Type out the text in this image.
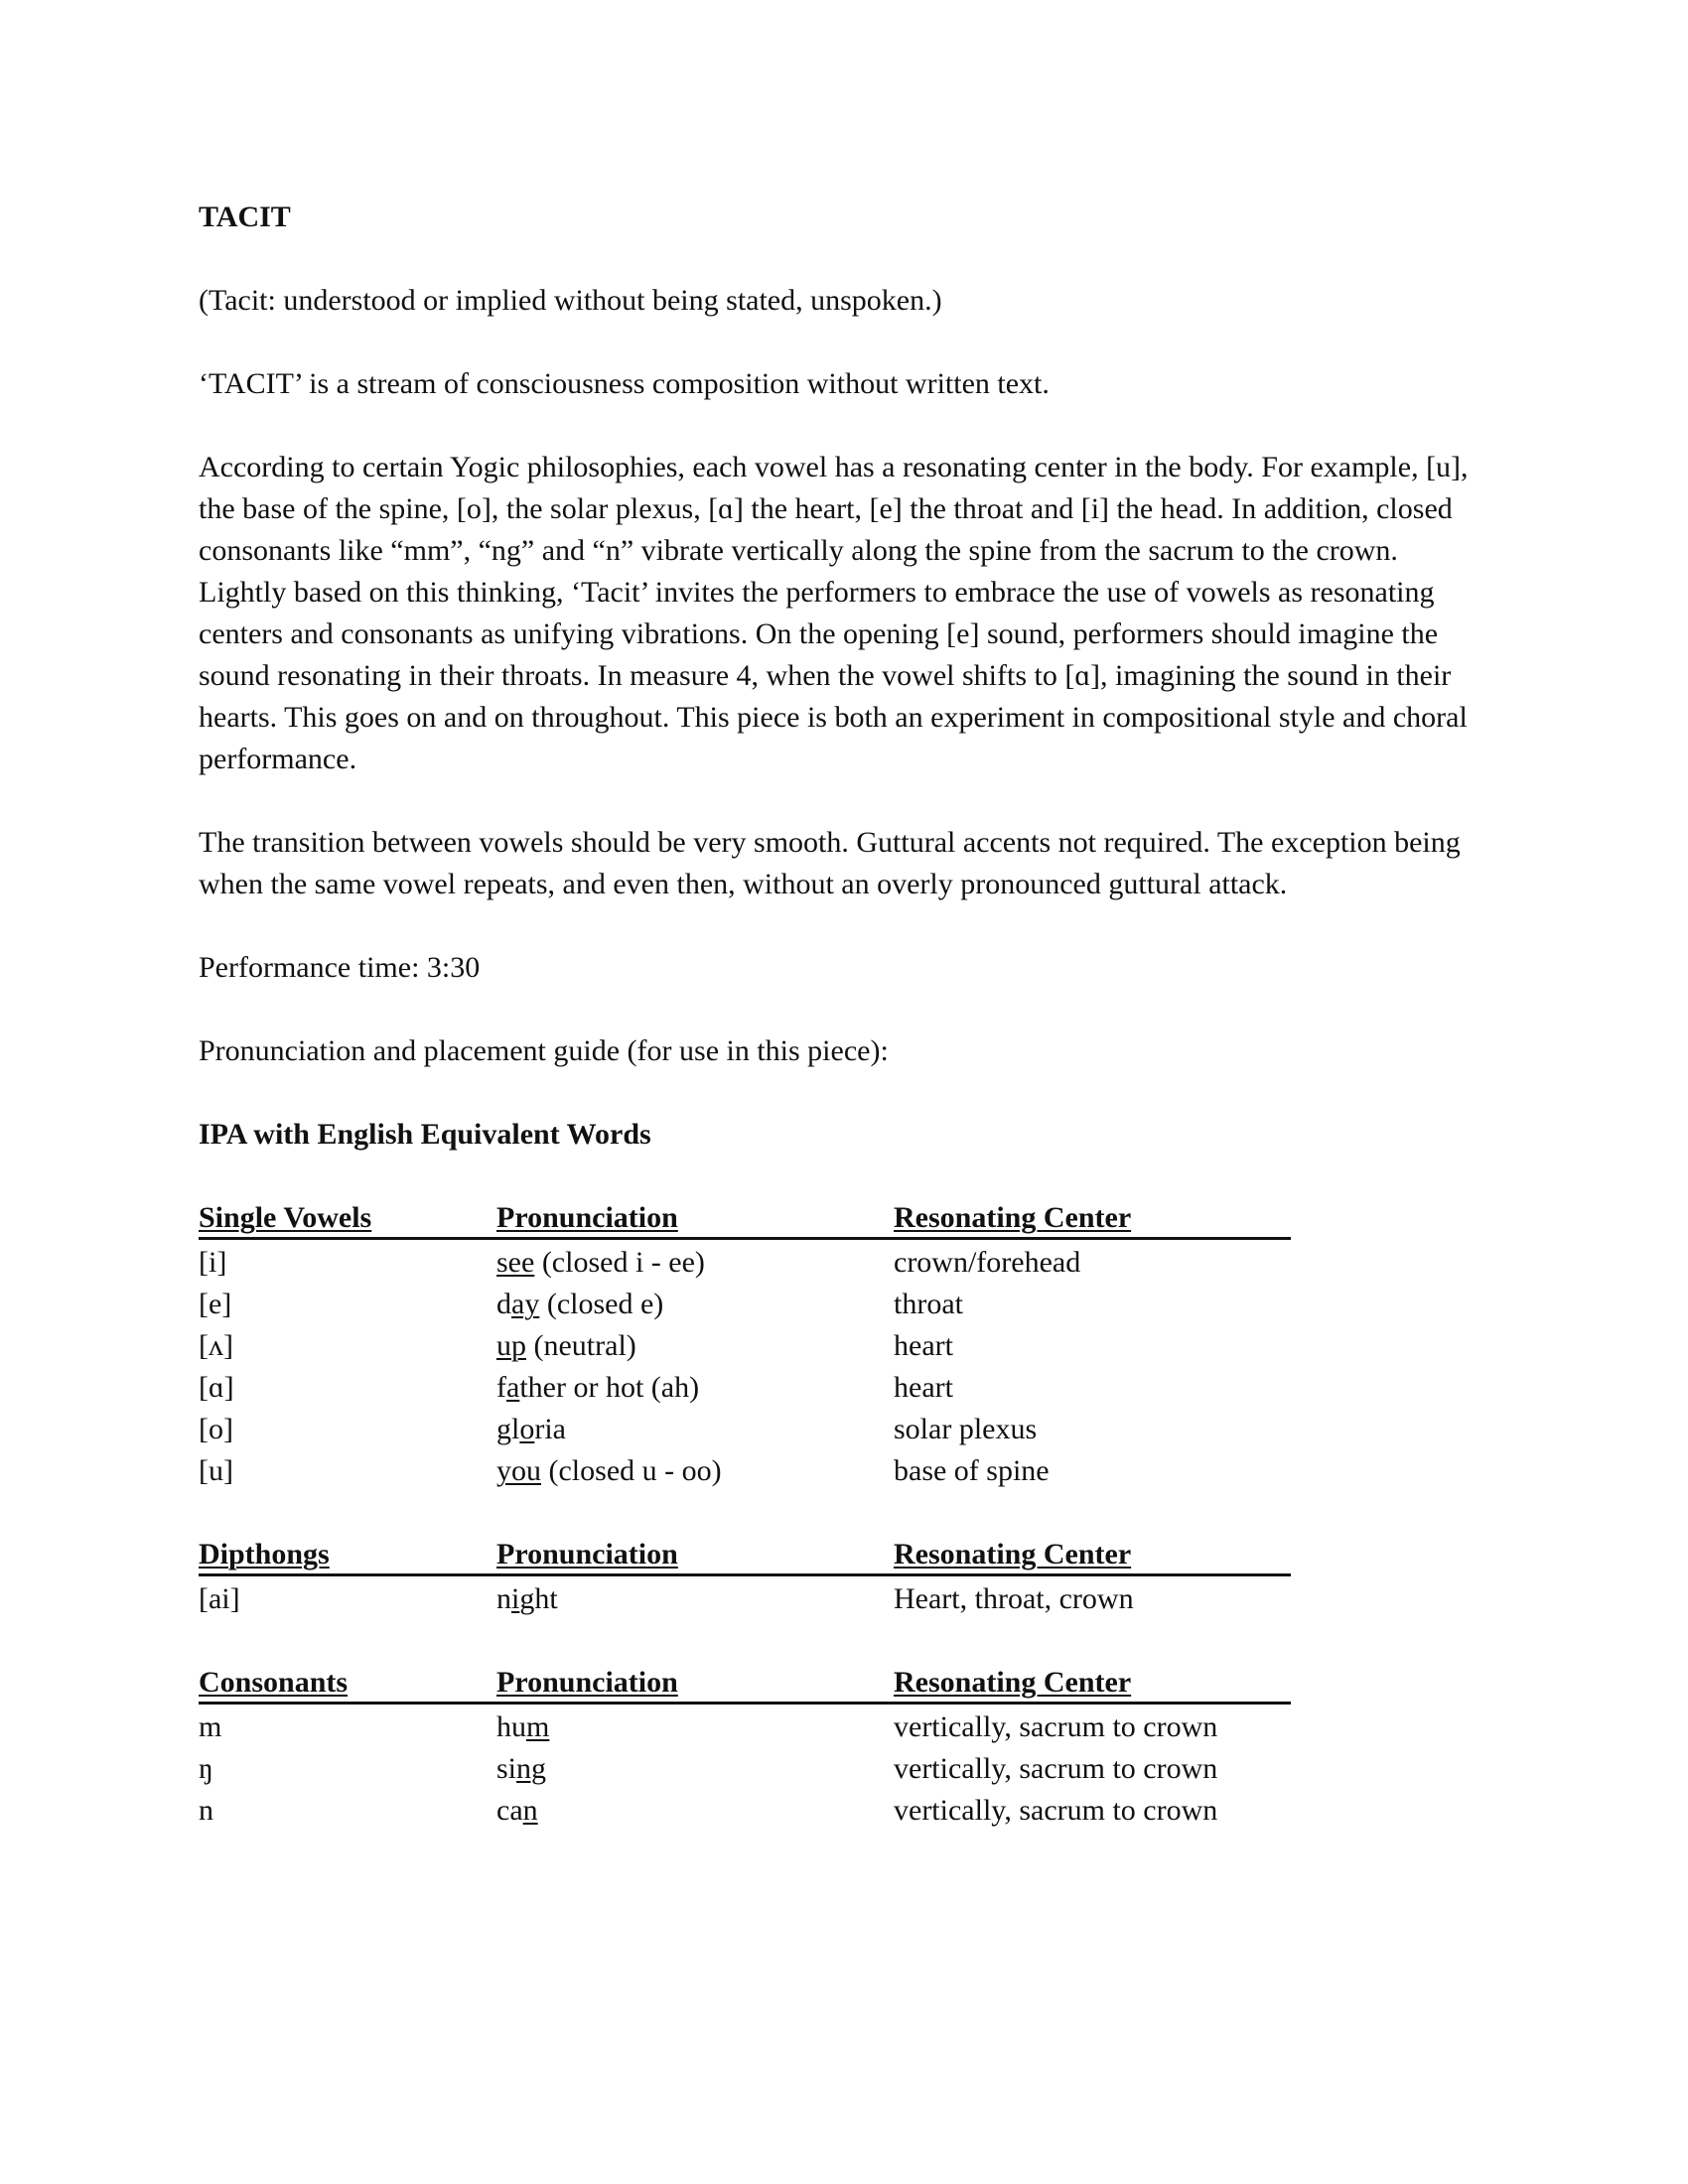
TACIT

(Tacit: understood or implied without being stated, unspoken.)

‘TACIT’ is a stream of consciousness composition without written text.

According to certain Yogic philosophies, each vowel has a resonating center in the body. For example, [u], the base of the spine, [o], the solar plexus, [ɑ] the heart, [e] the throat and [i] the head. In addition, closed consonants like “mm”, “ng” and “n” vibrate vertically along the spine from the sacrum to the crown. Lightly based on this thinking, ‘Tacit’ invites the performers to embrace the use of vowels as resonating centers and consonants as unifying vibrations. On the opening [e] sound, performers should imagine the sound resonating in their throats. In measure 4, when the vowel shifts to [ɑ], imagining the sound in their hearts. This goes on and on throughout. This piece is both an experiment in compositional style and choral performance.

The transition between vowels should be very smooth. Guttural accents not required. The exception being when the same vowel repeats, and even then, without an overly pronounced guttural attack.

Performance time: 3:30

Pronunciation and placement guide (for use in this piece):

IPA with English Equivalent Words
Single Vowels	Pronunciation	Resonating Center
[i]	see (closed i - ee)	crown/forehead
[e]	day (closed e)	throat
[ʌ]	up (neutral)	heart
[ɑ]	father or hot (ah)	heart
[o]	gloria	solar plexus
[u]	you (closed u - oo)	base of spine
Dipthongs	Pronunciation	Resonating Center
[ai]	night	Heart, throat, crown
Consonants	Pronunciation	Resonating Center
m	hum	vertically, sacrum to crown
ŋ	sing	vertically, sacrum to crown
n	can	vertically, sacrum to crown
